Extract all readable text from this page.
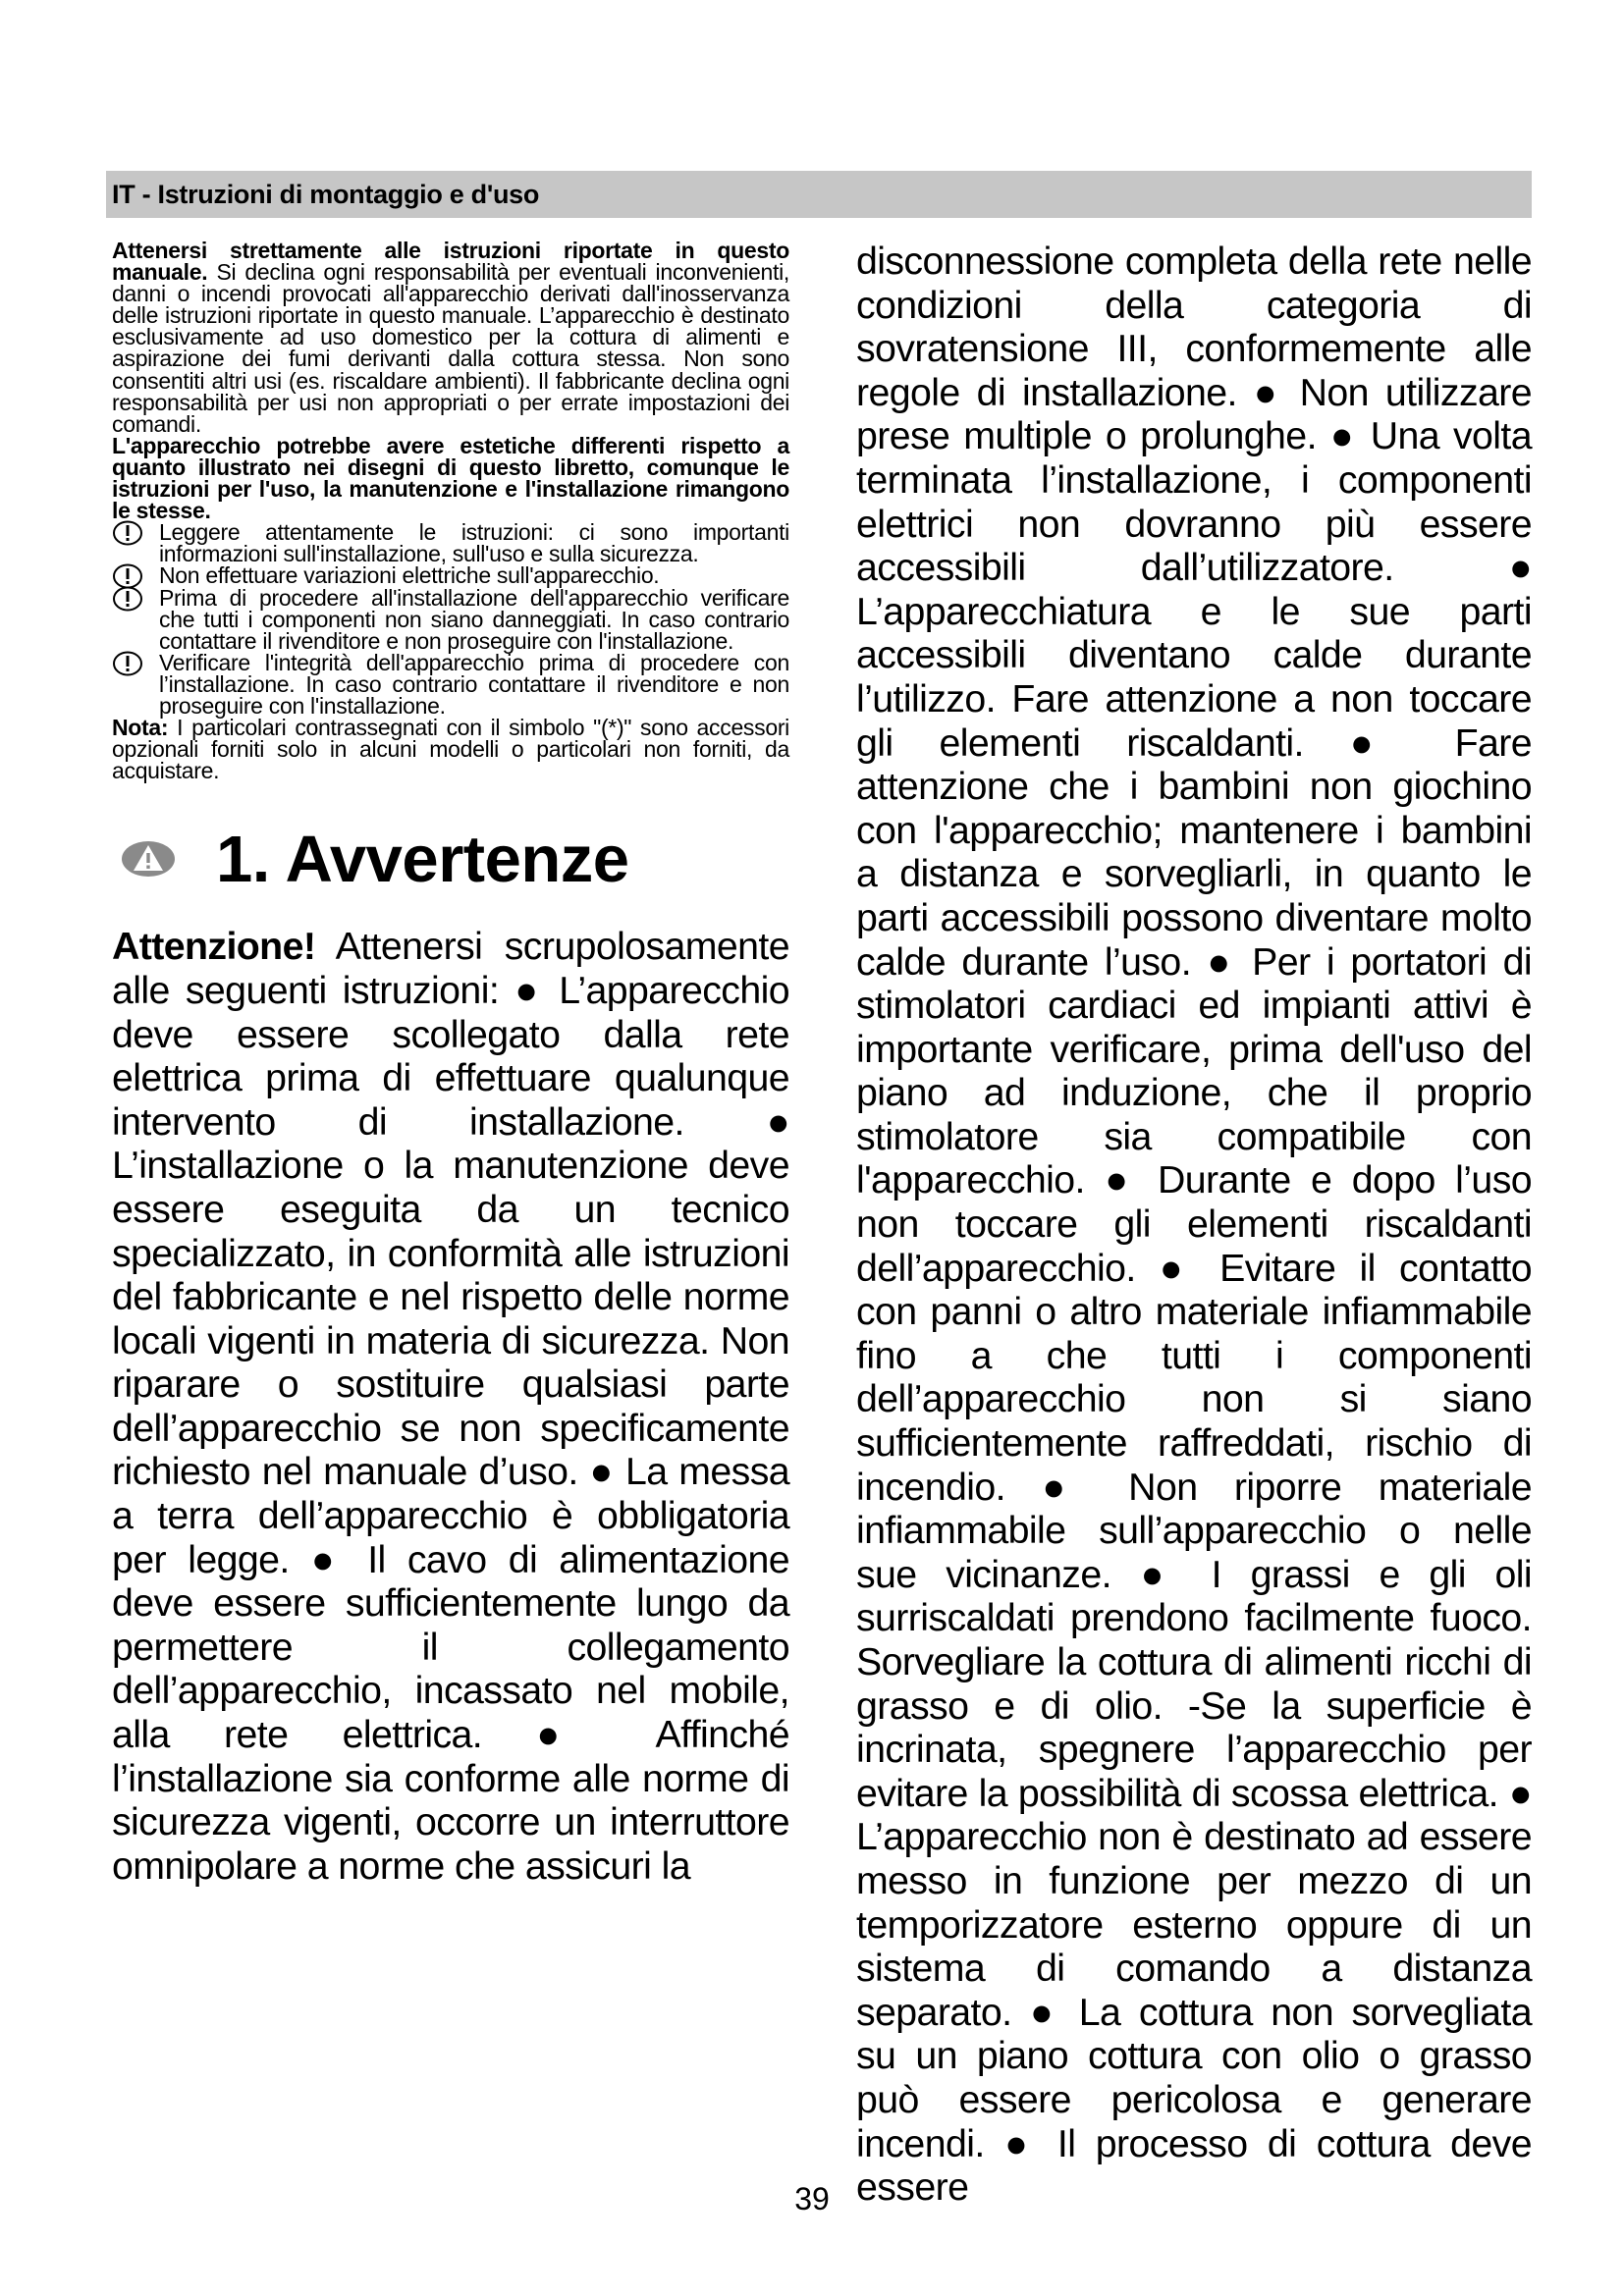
IT - Istruzioni di montaggio e d'uso

Attenersi strettamente alle istruzioni riportate in questo manuale. Si declina ogni responsabilità per eventuali inconvenienti, danni o incendi provocati all'apparecchio derivati dall'inosservanza delle istruzioni riportate in questo manuale. L’apparecchio è destinato esclusivamente ad uso domestico per la cottura di alimenti e aspirazione dei fumi derivanti dalla cottura stessa. Non sono consentiti altri usi (es. riscaldare ambienti). Il fabbricante declina ogni responsabilità per usi non appropriati o per errate impostazioni dei comandi.

L'apparecchio potrebbe avere estetiche differenti rispetto a quanto illustrato nei disegni di questo libretto, comunque le istruzioni per l'uso, la manutenzione e l'installazione rimangono le stesse.

Leggere attentamente le istruzioni: ci sono importanti informazioni sull'installazione, sull'uso e sulla sicurezza.

Non effettuare variazioni elettriche sull'apparecchio.

Prima di procedere all'installazione dell'apparecchio verificare che tutti i componenti non siano danneggiati. In caso contrario contattare il rivenditore e non proseguire con l'installazione.

Verificare l'integrità dell'apparecchio prima di procedere con l’installazione. In caso contrario contattare il rivenditore e non proseguire con l'installazione.

Nota: I particolari contrassegnati con il simbolo "(*)" sono accessori opzionali forniti solo in alcuni modelli o particolari non forniti, da acquistare.

1. Avvertenze

Attenzione! Attenersi scrupolosamente alle seguenti istruzioni: ● L’apparecchio deve essere scollegato dalla rete elettrica prima di effettuare qualunque intervento di installazione. ● L’installazione o la manutenzione deve essere eseguita da un tecnico specializzato, in conformità alle istruzioni del fabbricante e nel rispetto delle norme locali vigenti in materia di sicurezza. Non riparare o sostituire qualsiasi parte dell’apparecchio se non specificamente richiesto nel manuale d’uso. ● La messa a terra dell’apparecchio è obbligatoria per legge. ● Il cavo di alimentazione deve essere sufficientemente lungo da permettere il collegamento dell’apparecchio, incassato nel mobile, alla rete elettrica. ● Affinché l’installazione sia conforme alle norme di sicurezza vigenti, occorre un interruttore omnipolare a norme che assicuri la

disconnessione completa della rete nelle condizioni della categoria di sovratensione III, conformemente alle regole di installazione. ● Non utilizzare prese multiple o prolunghe. ● Una volta terminata l’installazione, i componenti elettrici non dovranno più essere accessibili dall’utilizzatore. ● L’apparecchiatura e le sue parti accessibili diventano calde durante l’utilizzo. Fare attenzione a non toccare gli elementi riscaldanti. ● Fare attenzione che i bambini non giochino con l'apparecchio; mantenere i bambini a distanza e sorvegliarli, in quanto le parti accessibili possono diventare molto calde durante l’uso. ● Per i portatori di stimolatori cardiaci ed impianti attivi è importante verificare, prima dell'uso del piano ad induzione, che il proprio stimolatore sia compatibile con l'apparecchio. ● Durante e dopo l’uso non toccare gli elementi riscaldanti dell’apparecchio. ● Evitare il contatto con panni o altro materiale infiammabile fino a che tutti i componenti dell’apparecchio non si siano sufficientemente raffreddati, rischio di incendio. ● Non riporre materiale infiammabile sull’apparecchio o nelle sue vicinanze. ● I grassi e gli oli surriscaldati prendono facilmente fuoco. Sorvegliare la cottura di alimenti ricchi di grasso e di olio. -Se la superficie è incrinata, spegnere l’apparecchio per evitare la possibilità di scossa elettrica. ● L’apparecchio non è destinato ad essere messo in funzione per mezzo di un temporizzatore esterno oppure di un sistema di comando a distanza separato. ● La cottura non sorvegliata su un piano cottura con olio o grasso può essere pericolosa e generare incendi. ● Il processo di cottura deve essere

39
